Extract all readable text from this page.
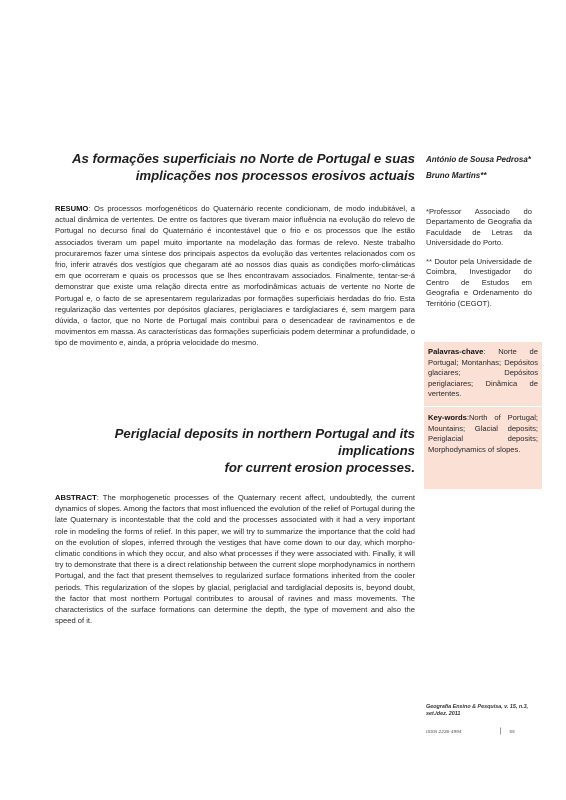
As formações superficiais no Norte de Portugal e suas
implicações nos processos erosivos actuais
António de Sousa Pedrosa*
Bruno Martins**
RESUMO: Os processos morfogenéticos do Quaternário recente condicionam, de modo indubitável, a actual dinâmica de vertentes. De entre os factores que tiveram maior influência na evolução do relevo de Portugal no decurso final do Quaternário é incontestável que o frio e os processos que lhe estão associados tiveram um papel muito importante na modelação das formas de relevo. Neste trabalho procuraremos fazer uma síntese dos principais aspectos da evolução das vertentes relacionados com os frio, inferir através dos vestígios que chegaram até ao nossos dias quais as condições morfo-climáticas em que ocorreram e quais os processos que se lhes encontravam associados. Finalmente, tentar-se-á demonstrar que existe uma relação directa entre as morfodinâmicas actuais de vertente no Norte de Portugal e, o facto de se apresentarem regularizadas por formações superficiais herdadas do frio. Esta regularização das vertentes por depósitos glaciares, periglaciares e tardiglaciares é, sem margem para dúvida, o factor, que no Norte de Portugal mais contribui para o desencadear de ravinamentos e de movimentos em massa. As características das formações superficiais podem determinar a profundidade, o tipo de movimento e, ainda, a própria velocidade do mesmo.
*Professor Associado do Departamento de Geografia da Faculdade de Letras da Universidade do Porto.
** Doutor pela Universidade de Coimbra, Investigador do Centro de Estudos em Geografia e Ordenamento do Território (CEGOT).
Palavras-chave: Norte de Portugal; Montanhas; Depósitos glaciares; Depósitos periglaciares; Dinâmica de vertentes.
Key-words:North of Portugal; Mountains; Glacial deposits; Periglacial deposits; Morphodynamics of slopes.
Periglacial deposits in northern Portugal and its implications
for current erosion processes.
ABSTRACT: The morphogenetic processes of the Quaternary recent affect, undoubtedly, the current dynamics of slopes. Among the factors that most influenced the evolution of the relief of Portugal during the late Quaternary is incontestable that the cold and the processes associated with it had a very important role in modeling the forms of relief. In this paper, we will try to summarize the importance that the cold had on the evolution of slopes, inferred through the vestiges that have come down to our day, which morpho-climatic conditions in which they occur, and also what processes if they were associated with. Finally, it will try to demonstrate that there is a direct relationship between the current slope morphodynamics in northern Portugal, and the fact that present themselves to regularized surface formations inherited from the cooler periods. This regularization of the slopes by glacial, periglacial and tardiglacial deposits is, beyond doubt, the factor that most northern Portugal contributes to arousal of ravines and mass movements. The characteristics of the surface formations can determine the depth, the type of movement and also the speed of it.
Geografia Ensino & Pesquisa, v. 15, n.3,
set./dez. 2011
ISSN 2236-4994	| 55
